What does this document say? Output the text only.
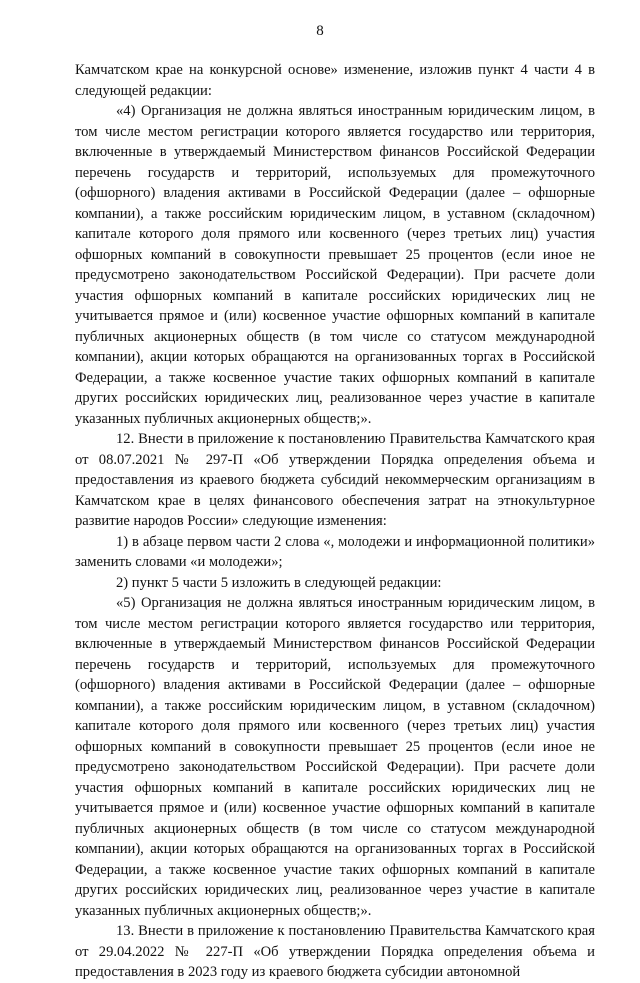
8

Камчатском крае на конкурсной основе» изменение, изложив пункт 4 части 4 в следующей редакции:

«4) Организация не должна являться иностранным юридическим лицом, в том числе местом регистрации которого является государство или территория, включенные в утверждаемый Министерством финансов Российской Федерации перечень государств и территорий, используемых для промежуточного (офшорного) владения активами в Российской Федерации (далее – офшорные компании), а также российским юридическим лицом, в уставном (складочном) капитале которого доля прямого или косвенного (через третьих лиц) участия офшорных компаний в совокупности превышает 25 процентов (если иное не предусмотрено законодательством Российской Федерации). При расчете доли участия офшорных компаний в капитале российских юридических лиц не учитывается прямое и (или) косвенное участие офшорных компаний в капитале публичных акционерных обществ (в том числе со статусом международной компании), акции которых обращаются на организованных торгах в Российской Федерации, а также косвенное участие таких офшорных компаний в капитале других российских юридических лиц, реализованное через участие в капитале указанных публичных акционерных обществ;».

12. Внести в приложение к постановлению Правительства Камчатского края от 08.07.2021 № 297-П «Об утверждении Порядка определения объема и предоставления из краевого бюджета субсидий некоммерческим организациям в Камчатском крае в целях финансового обеспечения затрат на этнокультурное развитие народов России» следующие изменения:

1) в абзаце первом части 2 слова «, молодежи и информационной политики» заменить словами «и молодежи»;

2) пункт 5 части 5 изложить в следующей редакции:

«5) Организация не должна являться иностранным юридическим лицом, в том числе местом регистрации которого является государство или территория, включенные в утверждаемый Министерством финансов Российской Федерации перечень государств и территорий, используемых для промежуточного (офшорного) владения активами в Российской Федерации (далее – офшорные компании), а также российским юридическим лицом, в уставном (складочном) капитале которого доля прямого или косвенного (через третьих лиц) участия офшорных компаний в совокупности превышает 25 процентов (если иное не предусмотрено законодательством Российской Федерации). При расчете доли участия офшорных компаний в капитале российских юридических лиц не учитывается прямое и (или) косвенное участие офшорных компаний в капитале публичных акционерных обществ (в том числе со статусом международной компании), акции которых обращаются на организованных торгах в Российской Федерации, а также косвенное участие таких офшорных компаний в капитале других российских юридических лиц, реализованное через участие в капитале указанных публичных акционерных обществ;».

13. Внести в приложение к постановлению Правительства Камчатского края от 29.04.2022 № 227-П «Об утверждении Порядка определения объема и предоставления в 2023 году из краевого бюджета субсидии автономной
